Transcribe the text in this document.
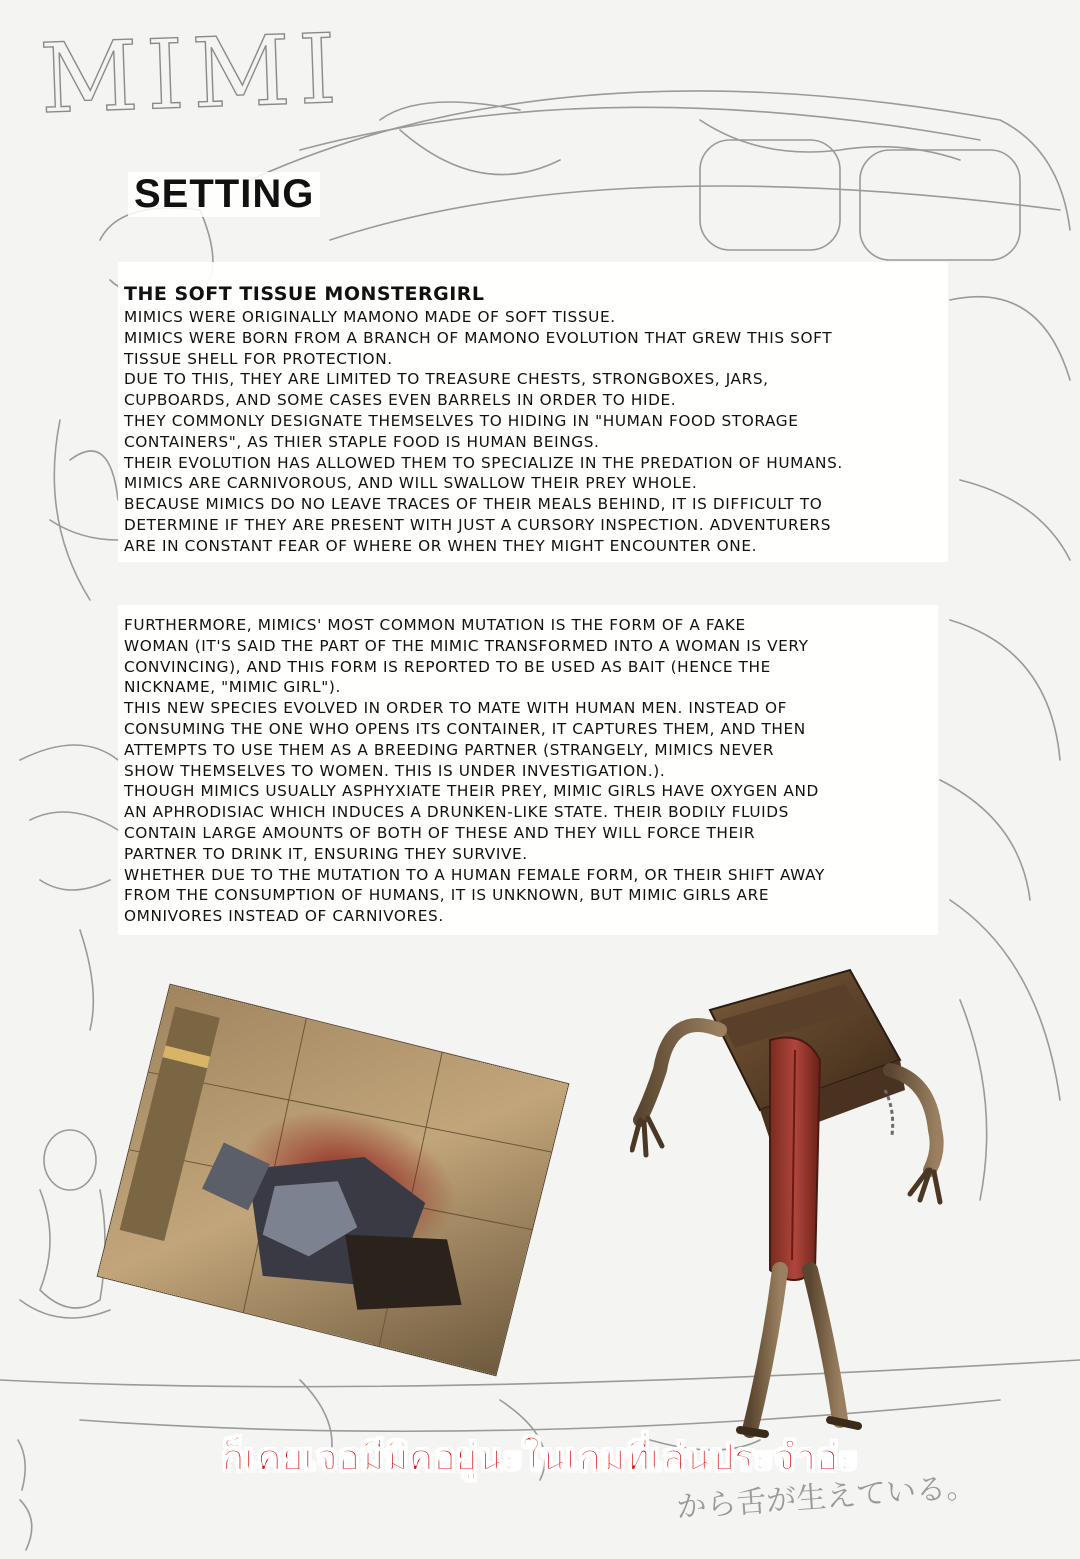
MIMI
SETTING
THE SOFT TISSUE MONSTERGIRL
MIMICS WERE ORIGINALLY MAMONO MADE OF SOFT TISSUE.
MIMICS WERE BORN FROM A BRANCH OF MAMONO EVOLUTION THAT GREW THIS SOFT
TISSUE SHELL FOR PROTECTION.
DUE TO THIS, THEY ARE LIMITED TO TREASURE CHESTS, STRONGBOXES, JARS,
CUPBOARDS, AND SOME CASES EVEN BARRELS IN ORDER TO HIDE.
THEY COMMONLY DESIGNATE THEMSELVES TO HIDING IN "HUMAN FOOD STORAGE
CONTAINERS", AS THIER STAPLE FOOD IS HUMAN BEINGS.
THEIR EVOLUTION HAS ALLOWED THEM TO SPECIALIZE IN THE PREDATION OF HUMANS.
MIMICS ARE CARNIVOROUS, AND WILL SWALLOW THEIR PREY WHOLE.
BECAUSE MIMICS DO NO LEAVE TRACES OF THEIR MEALS BEHIND, IT IS DIFFICULT TO
DETERMINE IF THEY ARE PRESENT WITH JUST A CURSORY INSPECTION. ADVENTURERS
ARE IN CONSTANT FEAR OF WHERE OR WHEN THEY MIGHT ENCOUNTER ONE.
FURTHERMORE, MIMICS' MOST COMMON MUTATION IS THE FORM OF A FAKE
WOMAN (IT'S SAID THE PART OF THE MIMIC TRANSFORMED INTO A WOMAN IS VERY
CONVINCING), AND THIS FORM IS REPORTED TO BE USED AS BAIT (HENCE THE
NICKNAME, "MIMIC GIRL").
THIS NEW SPECIES EVOLVED IN ORDER TO MATE WITH HUMAN MEN. INSTEAD OF
CONSUMING THE ONE WHO OPENS ITS CONTAINER, IT CAPTURES THEM, AND THEN
ATTEMPTS TO USE THEM AS A BREEDING PARTNER (STRANGELY, MIMICS NEVER
SHOW THEMSELVES TO WOMEN. THIS IS UNDER INVESTIGATION.).
THOUGH MIMICS USUALLY ASPHYXIATE THEIR PREY, MIMIC GIRLS HAVE OXYGEN AND
AN APHRODISIAC WHICH INDUCES A DRUNKEN-LIKE STATE. THEIR BODILY FLUIDS
CONTAIN LARGE AMOUNTS OF BOTH OF THESE AND THEY WILL FORCE THEIR
PARTNER TO DRINK IT, ENSURING THEY SURVIVE.
WHETHER DUE TO THE MUTATION TO A HUMAN FEMALE FORM, OR THEIR SHIFT AWAY
FROM THE CONSUMPTION OF HUMANS, IT IS UNKNOWN, BUT MIMIC GIRLS ARE
OMNIVORES INSTEAD OF CARNIVORES.
ก็เคยเจอมีมิคอยู่นะในเกมที่เล่นประจำอ่ะ
から舌が生えている。
